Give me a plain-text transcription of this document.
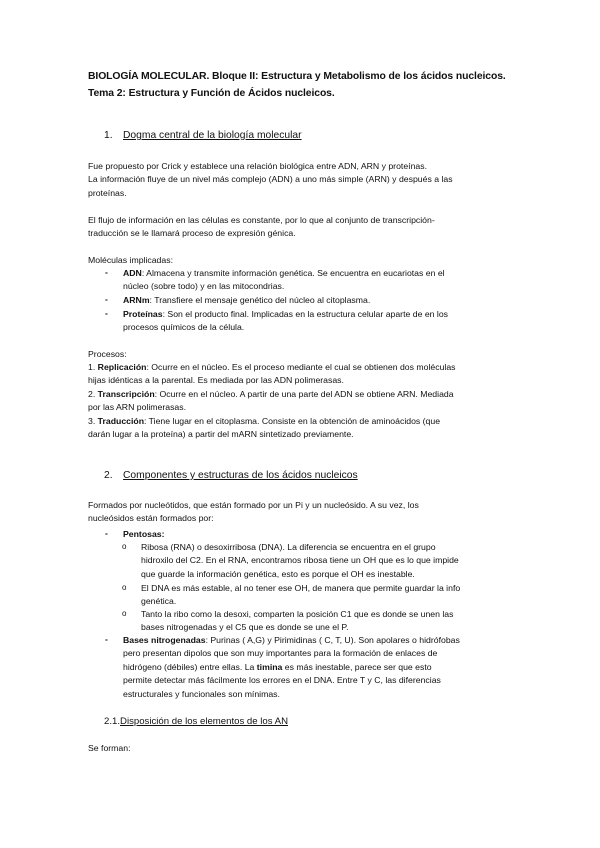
BIOLOGÍA MOLECULAR. Bloque II: Estructura y Metabolismo de los ácidos nucleicos.
Tema 2: Estructura y Función de Ácidos nucleicos.
1. Dogma central de la biología molecular
Fue propuesto por Crick y establece una relación biológica entre ADN, ARN y proteínas.
La información fluye de un nivel más complejo (ADN) a uno más simple (ARN) y después a las
proteínas.
El flujo de información en las células es constante, por lo que al conjunto de transcripción-
traducción se le llamará proceso de expresión génica.
Moléculas implicadas:
- ADN: Almacena y transmite información genética. Se encuentra en eucariotas en el
núcleo (sobre todo) y en las mitocondrias.
- ARNm: Transfiere el mensaje genético del núcleo al citoplasma.
- Proteínas: Son el producto final. Implicadas en la estructura celular aparte de en los
procesos químicos de la célula.
Procesos:
1. Replicación: Ocurre en el núcleo. Es el proceso mediante el cual se obtienen dos moléculas
hijas idénticas a la parental. Es mediada por las ADN polimerasas.
2. Transcripción: Ocurre en el núcleo. A partir de una parte del ADN se obtiene ARN. Mediada
por las ARN polimerasas.
3. Traducción: Tiene lugar en el citoplasma. Consiste en la obtención de aminoácidos (que
darán lugar a la proteína) a partir del mARN sintetizado previamente.
2. Componentes y estructuras de los ácidos nucleicos
Formados por nucleótidos, que están formado por un Pi y un nucleósido. A su vez, los
nucleósidos están formados por:
- Pentosas:
o Ribosa (RNA) o desoxirribosa (DNA). La diferencia se encuentra en el grupo
hidroxilo del C2. En el RNA, encontramos ribosa tiene un OH que es lo que impide
que guarde la información genética, esto es porque el OH es inestable.
o El DNA es más estable, al no tener ese OH, de manera que permite guardar la info
genética.
o Tanto la ribo como la desoxi, comparten la posición C1 que es donde se unen las
bases nitrogenadas y el C5 que es donde se une el P.
- Bases nitrogenadas: Purinas ( A,G) y Pirimidinas ( C, T, U). Son apolares o hidrófobas
pero presentan dipolos que son muy importantes para la formación de enlaces de
hidrógeno (débiles) entre ellas. La timina es más inestable, parece ser que esto
permite detectar más fácilmente los errores en el DNA. Entre T y C, las diferencias
estructurales y funcionales son mínimas.
2.1.Disposición de los elementos de los AN
Se forman:
